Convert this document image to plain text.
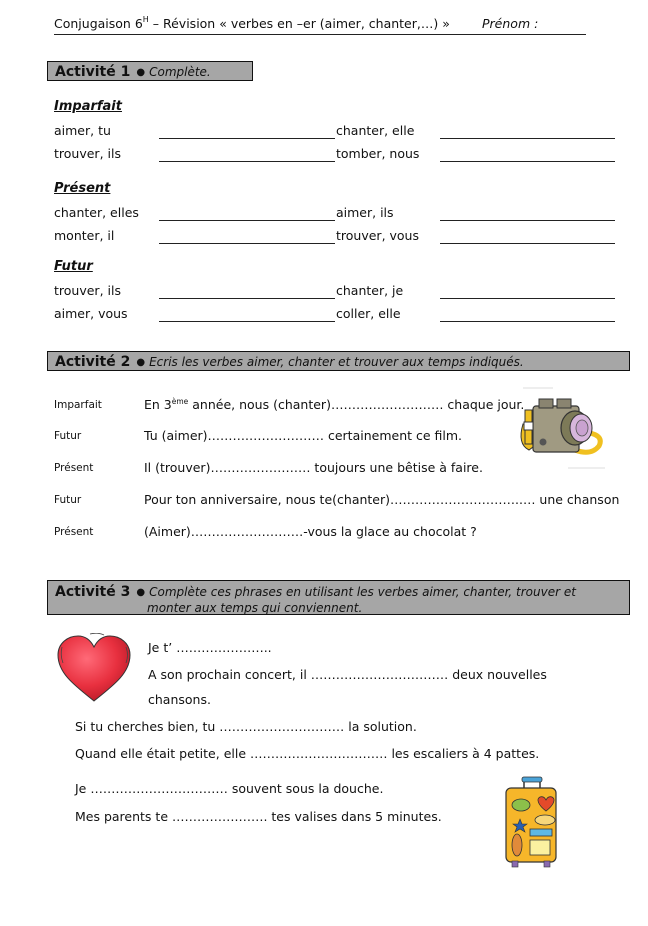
Conjugaison $6^H$ – Révision « verbes en –er (aimer, chanter,…) »	Prénom :
Activité 1 ● Complète.
Imparfait
aimer, tu	chanter, elle
trouver, ils	tomber, nous
Présent
chanter, elles	aimer, ils
monter, il	trouver, vous
Futur
trouver, ils	chanter, je
aimer, vous	coller, elle
Activité 2 ● Ecris les verbes aimer, chanter et trouver aux temps indiqués.
Imparfait	En 3ème année, nous (chanter)……………………… chaque jour.
Futur	Tu (aimer)……….……………… certainement ce film.
Présent	Il (trouver)…………………… toujours une bêtise à faire.
Futur	Pour ton anniversaire, nous te(chanter)…………………………..… une chanson
Présent	(Aimer)………………………-vous la glace au chocolat ?
Activité 3 ● Complète ces phrases en utilisant les verbes aimer, chanter, trouver et
monter aux temps qui conviennent.
Je t’ …………………..
A son prochain concert, il …………………………… deux nouvelles
chansons.
Si tu cherches bien, tu ………………………… la solution.
Quand elle était petite, elle …………………………… les escaliers à 4 pattes.
Je …………………………… souvent sous la douche.
Mes parents te …………….……. tes valises dans 5 minutes.
